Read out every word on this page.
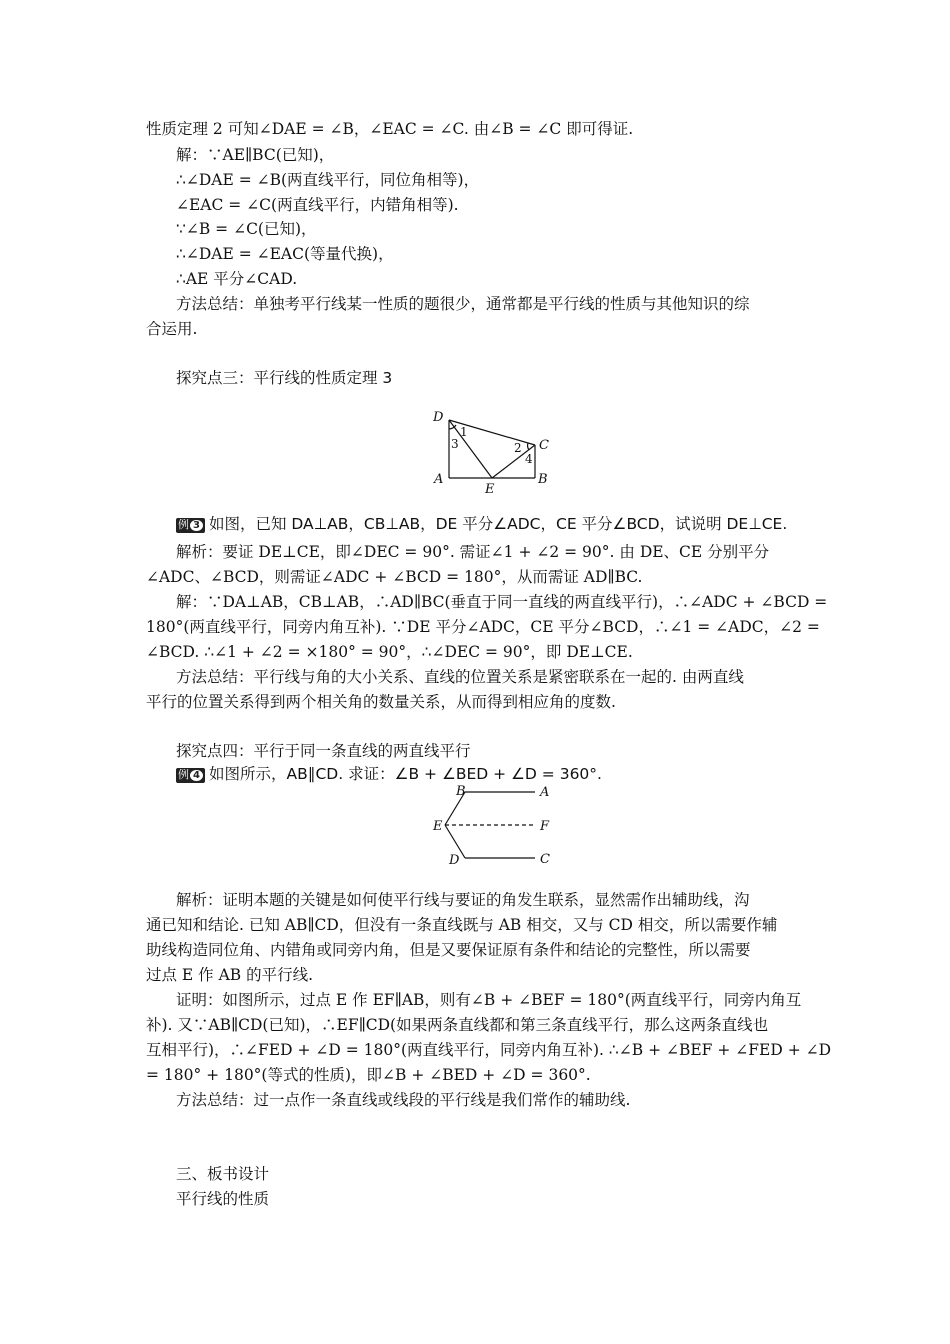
性质定理 2 可知∠DAE = ∠B，∠EAC = ∠C. 由∠B = ∠C 即可得证.
解：∵AE∥BC(已知)，
∴∠DAE = ∠B(两直线平行，同位角相等)，
∠EAC = ∠C(两直线平行，内错角相等).
∵∠B = ∠C(已知)，
∴∠DAE = ∠EAC(等量代换)，
∴AE 平分∠CAD.
方法总结：单独考平行线某一性质的题很少，通常都是平行线的性质与其他知识的综
合运用.
探究点三：平行线的性质定理 3
D
A
E
B
C
1
3	2
4
例 3 如图，已知 DA⊥AB，CB⊥AB，DE 平分∠ADC，CE 平分∠BCD，试说明 DE⊥CE.
解析：要证 DE⊥CE，即∠DEC = 90°. 需证∠1 + ∠2 = 90°. 由 DE、CE 分别平分
∠ADC、∠BCD，则需证∠ADC + ∠BCD = 180°，从而需证 AD∥BC.
解：∵DA⊥AB，CB⊥AB，∴AD∥BC(垂直于同一直线的两直线平行)，∴∠ADC + ∠BCD =
180°(两直线平行，同旁内角互补). ∵DE 平分∠ADC，CE 平分∠BCD，∴∠1 = ∠ADC，∠2 =
∠BCD. ∴∠1 + ∠2 = ×180° = 90°，∴∠DEC = 90°，即 DE⊥CE.
方法总结：平行线与角的大小关系、直线的位置关系是紧密联系在一起的. 由两直线
平行的位置关系得到两个相关角的数量关系，从而得到相应角的度数.
探究点四：平行于同一条直线的两直线平行
例 4 如图所示，AB∥CD. 求证：∠B + ∠BED + ∠D = 360°.
B	A
E	F
D	C
解析：证明本题的关键是如何使平行线与要证的角发生联系，显然需作出辅助线，沟
通已知和结论. 已知 AB∥CD，但没有一条直线既与 AB 相交，又与 CD 相交，所以需要作辅
助线构造同位角、内错角或同旁内角，但是又要保证原有条件和结论的完整性，所以需要
过点 E 作 AB 的平行线.
证明：如图所示，过点 E 作 EF∥AB，则有∠B + ∠BEF = 180°(两直线平行，同旁内角互
补). 又∵AB∥CD(已知)，∴EF∥CD(如果两条直线都和第三条直线平行，那么这两条直线也
互相平行)，∴∠FED + ∠D = 180°(两直线平行，同旁内角互补). ∴∠B + ∠BEF + ∠FED + ∠D
= 180° + 180°(等式的性质)，即∠B + ∠BED + ∠D = 360°.
方法总结：过一点作一条直线或线段的平行线是我们常作的辅助线.
三、板书设计
平行线的性质
